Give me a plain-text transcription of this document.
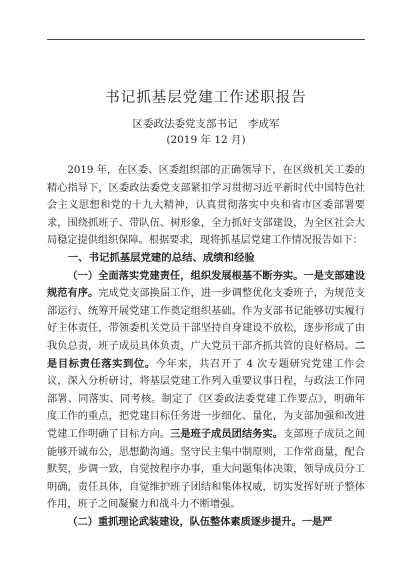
书记抓基层党建工作述职报告

区委政法委党支部书记　李成军

(2019 年 12 月)

2019 年，在区委、区委组织部的正确领导下，在区级机关工委的精心指导下，区委政法委党支部紧扣学习贯彻习近平新时代中国特色社会主义思想和党的十九大精神，认真贯彻落实中央和省市区委部署要求，围绕抓班子、带队伍、树形象，全力抓好支部建设，为全区社会大局稳定提供组织保障。根据要求，现将抓基层党建工作情况报告如下：

一、书记抓基层党建的总结、成绩和经验

（一）全面落实党建责任，组织发展根基不断夯实。一是支部建设规范有序。完成党支部换届工作，进一步调整优化支委班子，为规范支部运行、统筹开展党建工作奠定组织基础。作为支部书记能够切实履行好主体责任，带领委机关党员干部坚持自身建设不放松，逐步形成了由我负总责，班子成员具体负责，广大党员干部齐抓共管的良好格局。二是目标责任落实到位。今年来，共召开了 4 次专题研究党建工作会议，深入分析研讨，将基层党建工作列入重要议事日程，与政法工作同部署、同落实、同考核。制定了《区委政法委党建工作要点》，明确年度工作的重点，把党建目标任务进一步细化、量化，为支部加强和改进党建工作明确了目标方向。三是班子成员团结务实。支部班子成员之间能够开诚布公，思想勤沟通。坚守民主集中制原则，工作常商量，配合默契，步调一致，自觉按程序办事，重大问题集体决策，领导成员分工明确，责任具体，自觉维护班子团结和集体权威，切实发挥好班子整体作用，班子之间凝聚力和战斗力不断增强。

（二）重抓理论武装建设，队伍整体素质逐步提升。一是严
